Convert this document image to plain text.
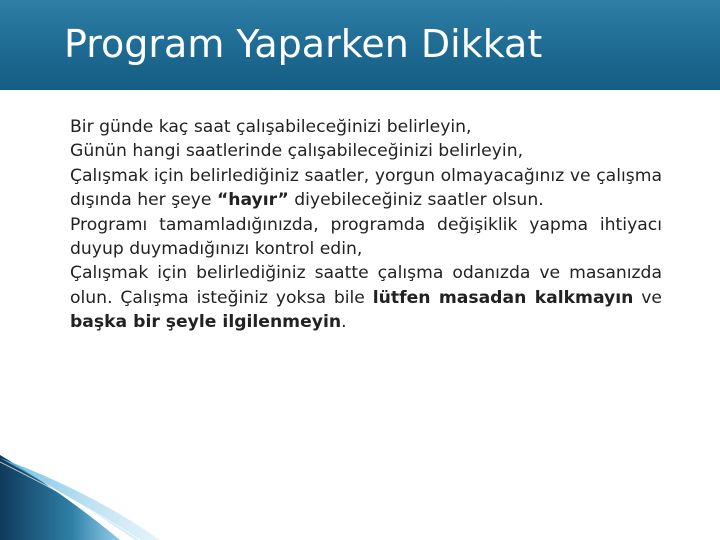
Program Yaparken Dikkat

Bir günde kaç saat çalışabileceğinizi belirleyin,

Günün hangi saatlerinde çalışabileceğinizi belirleyin,

Çalışmak için belirlediğiniz saatler, yorgun olmayacağınız ve çalışma dışında her şeye “hayır” diyebileceğiniz saatler olsun.

Programı tamamladığınızda, programda değişiklik yapma ihtiyacı duyup duymadığınızı kontrol edin,

Çalışmak için belirlediğiniz saatte çalışma odanızda ve masanızda olun. Çalışma isteğiniz yoksa bile lütfen masadan kalkmayın ve başka bir şeyle ilgilenmeyin.
